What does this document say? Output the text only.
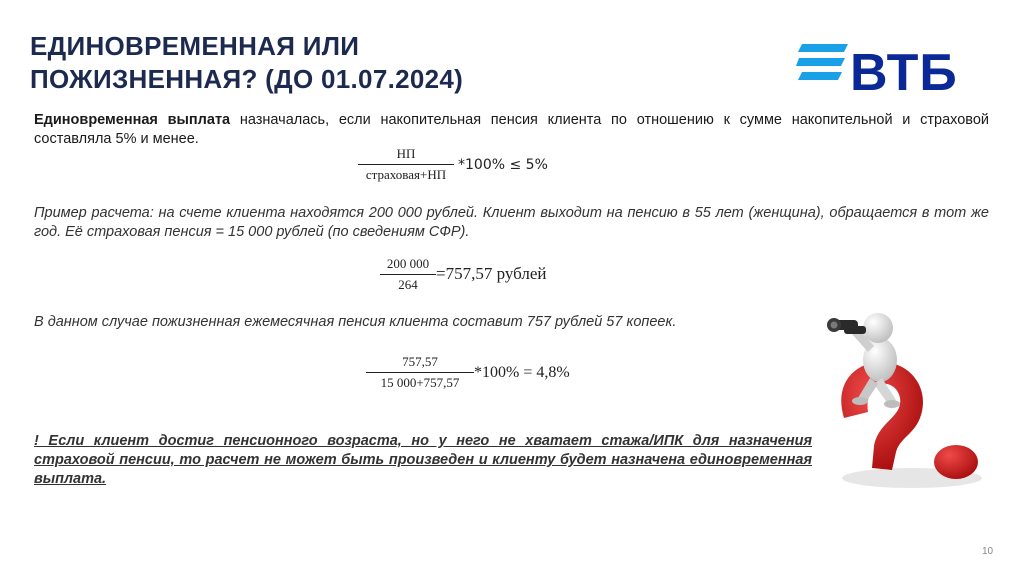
ЕДИНОВРЕМЕННАЯ ИЛИ
ПОЖИЗНЕННАЯ? (ДО 01.07.2024)	ВТБ
Единовременная выплата назначалась, если накопительная пенсия клиента по отношению к сумме накопительной и страховой составляла 5% и менее.
НП
страховая+НП
*100% ≤ 5%
Пример расчета: на счете клиента находятся 200 000 рублей. Клиент выходит на пенсию в 55 лет (женщина), обращается в тот же год. Её страховая пенсия = 15 000 рублей (по сведениям СФР).
200 000
264
=757,57 рублей
В данном случае пожизненная ежемесячная пенсия клиента составит 757 рублей 57 копеек.
757,57
15 000+757,57
*100% = 4,8%
! Если клиент достиг пенсионного возраста, но у него не хватает стажа/ИПК для назначения страховой пенсии, то расчет не может быть произведен и клиенту будет назначена единовременная выплата.
10
